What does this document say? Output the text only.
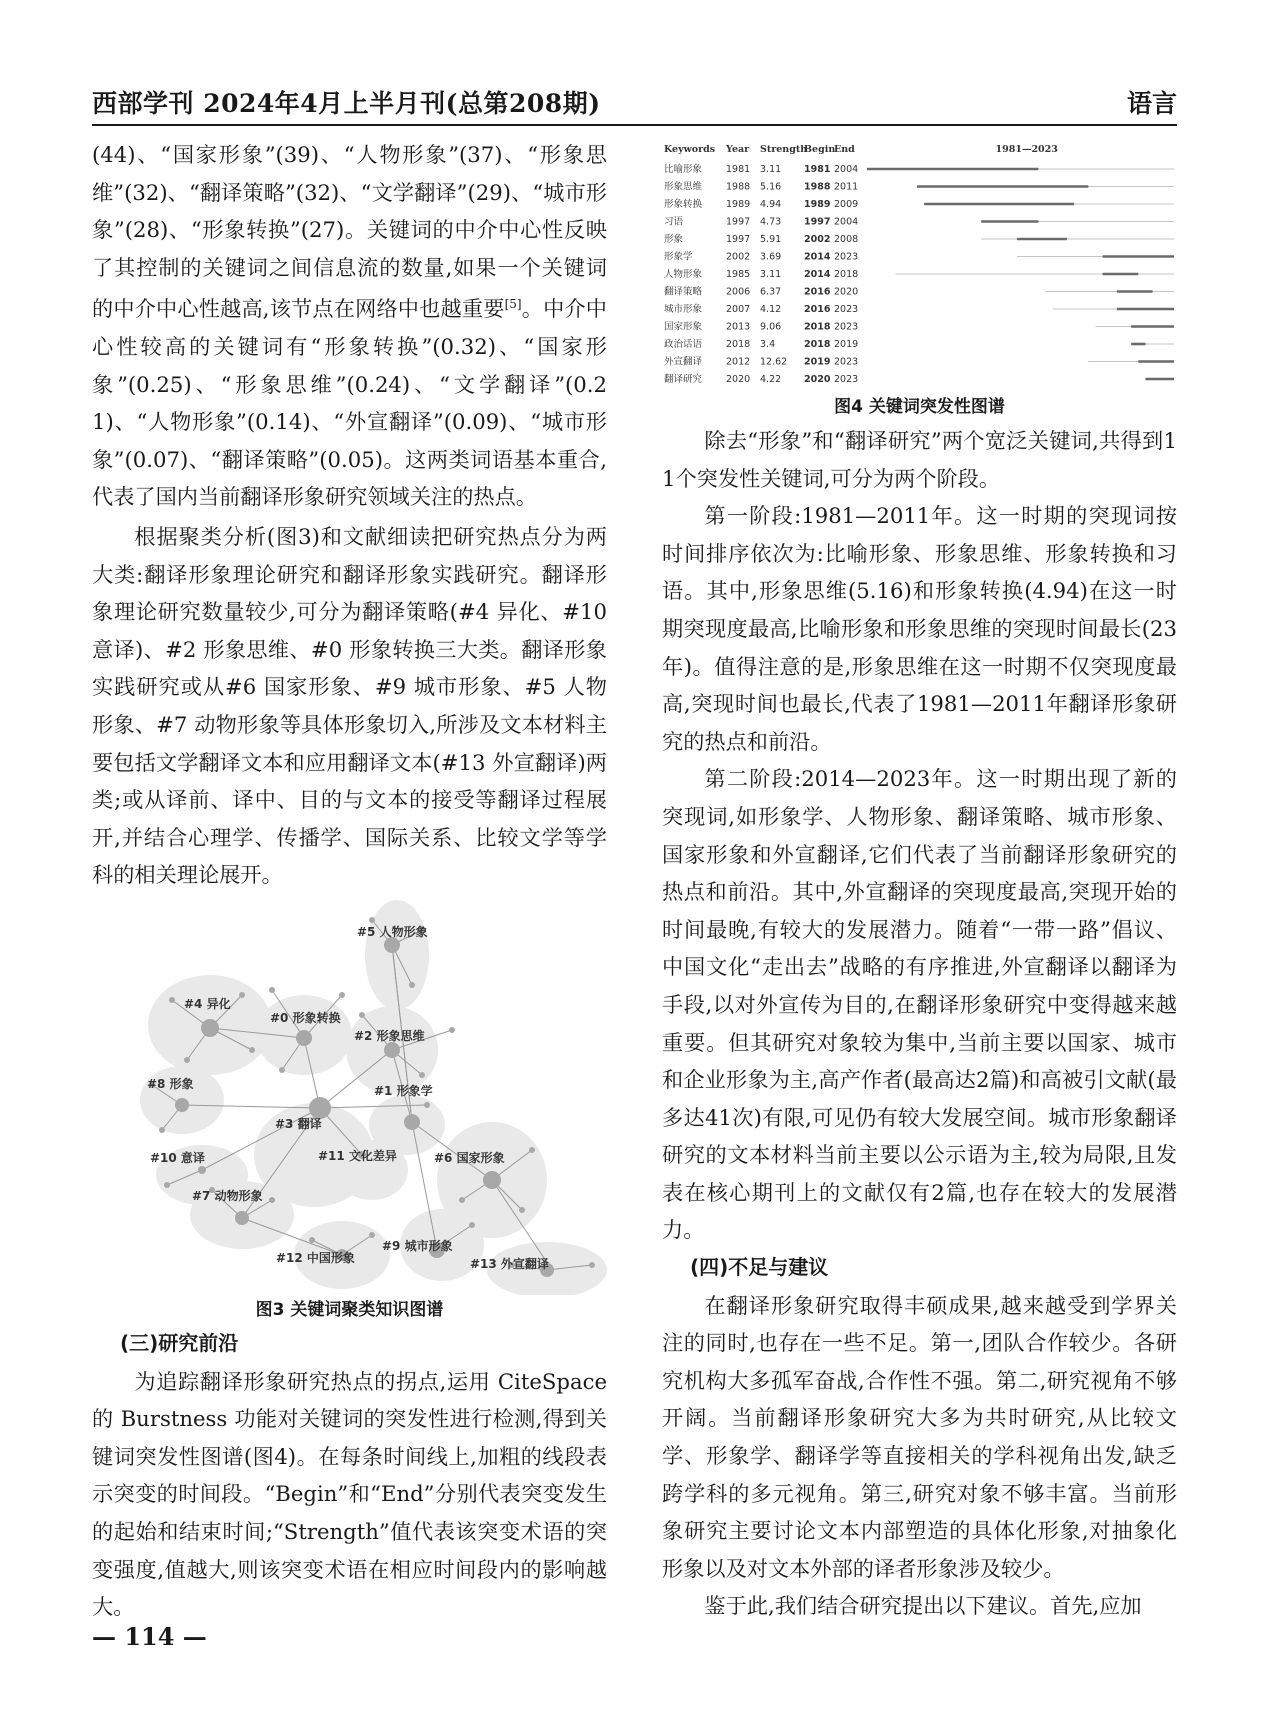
西部学刊 2024年4月上半月刊(总第208期)	语言

(44)、“国家形象”(39)、“人物形象”(37)、“形象思维”(32)、“翻译策略”(32)、“文学翻译”(29)、“城市形象”(28)、“形象转换”(27)。关键词的中介中心性反映了其控制的关键词之间信息流的数量,如果一个关键词的中介中心性越高,该节点在网络中也越重要[5]。中介中心性较高的关键词有“形象转换”(0.32)、“国家形象”(0.25)、“形象思维”(0.24)、“文学翻译”(0.21)、“人物形象”(0.14)、“外宣翻译”(0.09)、“城市形象”(0.07)、“翻译策略”(0.05)。这两类词语基本重合,代表了国内当前翻译形象研究领域关注的热点。

根据聚类分析(图3)和文献细读把研究热点分为两大类:翻译形象理论研究和翻译形象实践研究。翻译形象理论研究数量较少,可分为翻译策略(#4 异化、#10 意译)、#2 形象思维、#0 形象转换三大类。翻译形象实践研究或从#6 国家形象、#9 城市形象、#5 人物形象、#7 动物形象等具体形象切入,所涉及文本材料主要包括文学翻译文本和应用翻译文本(#13 外宣翻译)两类;或从译前、译中、目的与文本的接受等翻译过程展开,并结合心理学、传播学、国际关系、比较文学等学科的相关理论展开。

#5 人物形象
#4 异化
#0 形象转换
#2 形象思维
#8 形象	#1 形象学
#3 翻译
#10 意译	#11 文化差异	#6 国家形象
#7 动物形象
#12 中国形象
#9 城市形象
#13 外宣翻译
图3 关键词聚类知识图谱

(三)研究前沿

为追踪翻译形象研究热点的拐点,运用 CiteSpace 的 Burstness 功能对关键词的突发性进行检测,得到关键词突发性图谱(图4)。在每条时间线上,加粗的线段表示突变的时间段。“Begin”和“End”分别代表突变发生的起始和结束时间;“Strength”值代表该突变术语的突变强度,值越大,则该突变术语在相应时间段内的影响越大。

Keywords Year Strength
Begin
End	1981—2023
比喻形象	1981 3.11 1981 2004
形象思维	1988 5.16 1988 2011
形象转换	1989 4.94 1989 2009
习语	1997 4.73 1997 2004
形象	1997 5.91 2002 2008
形象学	2002 3.69 2014 2023
人物形象	1985 3.11 2014 2018
翻译策略	2006 6.37 2016 2020
城市形象	2007 4.12 2016 2023
国家形象	2013 9.06 2018 2023
政治话语	2018 3.4	2018 2019
外宣翻译	2012 12.62 2019 2023
翻译研究	2020 4.22 2020 2023
图4 关键词突发性图谱

除去“形象”和“翻译研究”两个宽泛关键词,共得到11个突发性关键词,可分为两个阶段。

第一阶段:1981—2011年。这一时期的突现词按时间排序依次为:比喻形象、形象思维、形象转换和习语。其中,形象思维(5.16)和形象转换(4.94)在这一时期突现度最高,比喻形象和形象思维的突现时间最长(23年)。值得注意的是,形象思维在这一时期不仅突现度最高,突现时间也最长,代表了1981—2011年翻译形象研究的热点和前沿。

第二阶段:2014—2023年。这一时期出现了新的突现词,如形象学、人物形象、翻译策略、城市形象、国家形象和外宣翻译,它们代表了当前翻译形象研究的热点和前沿。其中,外宣翻译的突现度最高,突现开始的时间最晚,有较大的发展潜力。随着“一带一路”倡议、中国文化“走出去”战略的有序推进,外宣翻译以翻译为手段,以对外宣传为目的,在翻译形象研究中变得越来越重要。但其研究对象较为集中,当前主要以国家、城市和企业形象为主,高产作者(最高达2篇)和高被引文献(最多达41次)有限,可见仍有较大发展空间。城市形象翻译研究的文本材料当前主要以公示语为主,较为局限,且发表在核心期刊上的文献仅有2篇,也存在较大的发展潜力。

(四)不足与建议

在翻译形象研究取得丰硕成果,越来越受到学界关注的同时,也存在一些不足。第一,团队合作较少。各研究机构大多孤军奋战,合作性不强。第二,研究视角不够开阔。当前翻译形象研究大多为共时研究,从比较文学、形象学、翻译学等直接相关的学科视角出发,缺乏跨学科的多元视角。第三,研究对象不够丰富。当前形象研究主要讨论文本内部塑造的具体化形象,对抽象化形象以及对文本外部的译者形象涉及较少。

鉴于此,我们结合研究提出以下建议。首先,应加

— 114 —
